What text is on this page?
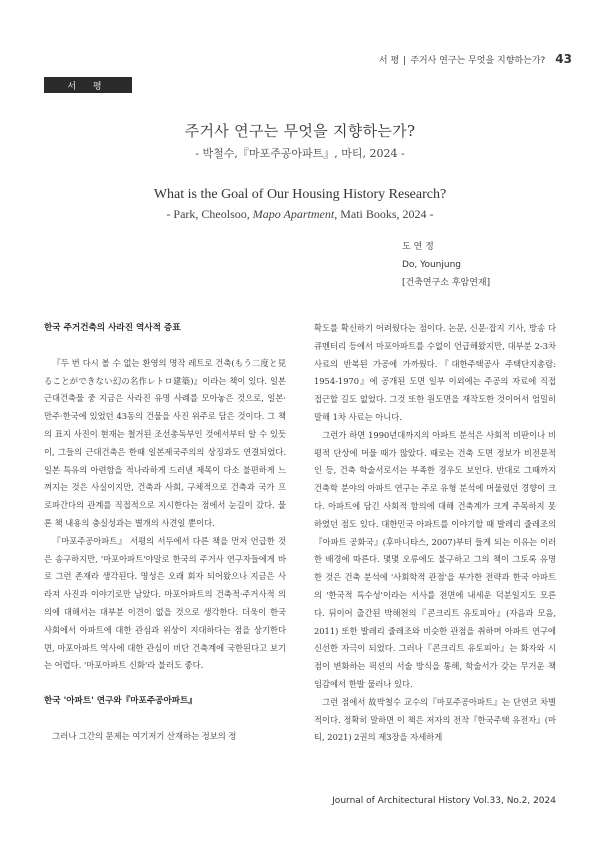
서 평 | 주거사 연구는 무엇을 지향하는가? 43
서 평

주거사 연구는 무엇을 지향하는가?

- 박철수,『마포주공아파트』, 마티, 2024 -

What is the Goal of Our Housing History Research?

- Park, Cheolsoo, Mapo Apartment, Mati Books, 2024 -

도 연 정
Do, Younjung
[건축연구소 후암연재]
한국 주거건축의 사라진 역사적 증표

『두 번 다시 볼 수 없는 환영의 명작 레트로 건축(もう二度と見ることができない幻の名作レトロ建築)』이라는 책이 있다. 일본 근대건축물 중 지금은 사라진 유명 사례를 모아놓은 것으로, 일본·만주·한국에 있었던 43동의 건물을 사진 위주로 담은 것이다. 그 책의 표지 사진이 현재는 철거된 조선총독부인 것에서부터 알 수 있듯이, 그들의 근대건축은 한때 일본제국주의의 상징과도 연결되었다. 일본 특유의 아련함을 적나라하게 드러낸 제목이 다소 불편하게 느껴지는 것은 사실이지만, 건축과 사회, 구체적으로 건축과 국가 프로파간다의 관계를 직접적으로 지시한다는 점에서 눈길이 갔다. 물론 책 내용의 충실성과는 별개의 사견일 뿐이다.

『마포주공아파트』 서평의 서두에서 다른 책을 먼저 언급한 것은 송구하지만, '마포아파트'야말로 한국의 주거사 연구자들에게 바로 그런 존재라 생각된다. 명성은 오래 회자 되어왔으나 지금은 사라져 사진과 이야기로만 남았다. 마포아파트의 건축적·주거사적 의의에 대해서는 대부분 이견이 없을 것으로 생각한다. 더욱이 한국 사회에서 아파트에 대한 관심과 위상이 지대하다는 점을 상기한다면, 마포아파트 역사에 대한 관심이 비단 건축계에 국한된다고 보기는 어렵다. '마포아파트 신화'라 불러도 좋다.

한국 '아파트' 연구와『마포주공아파트』

그러나 그간의 문제는 여기저기 산재하는 정보의 정

확도를 확신하기 어려웠다는 점이다. 논문, 신문·잡지 기사, 방송 다큐멘터리 등에서 마포아파트를 수없이 언급해왔지만, 대부분 2-3차 사료의 반복된 가공에 가까웠다.『대한주택공사 주택단지총람: 1954-1970』에 공개된 도면 일부 이외에는 주공의 자료에 직접 접근할 길도 없었다. 그것 또한 원도면을 재작도한 것이어서 엄밀히 말해 1차 사료는 아니다.

그런가 하면 1990년대까지의 아파트 분석은 사회적 비판이나 비평적 단상에 머물 때가 많았다. 때로는 건축 도면 정보가 비전문적인 등, 건축 학술서로서는 부족한 경우도 보인다. 반대로 그때까지 건축학 분야의 아파트 연구는 주로 유형 분석에 머물렀던 경향이 크다. 아파트에 담긴 사회적 함의에 대해 건축계가 크게 주목하지 못하였던 점도 있다. 대한민국 아파트를 이야기할 때 발레리 줄레조의『아파트 공화국』(후마니타스, 2007)부터 들게 되는 이유는 이러한 배경에 따른다. 몇몇 오류에도 불구하고 그의 책이 그토록 유명한 것은 건축 분석에 '사회학적 관점'을 부가한 전략과 한국 아파트의 '한국적 특수성'이라는 서사를 전면에 내세운 덕분일지도 모른다. 뒤이어 출간된 박해천의『콘크리트 유토피아』(자음과 모음, 2011) 또한 발레리 줄레조와 비슷한 관점을 취하며 아파트 연구에 신선한 자극이 되었다. 그러나『콘크리트 유토피아』는 화자와 시점이 변화하는 픽션의 서술 방식을 통해, 학술서가 갖는 무거운 책임감에서 한발 물러나 있다.

그런 점에서 故박철수 교수의『마포주공아파트』는 단연코 차별적이다. 정확히 말하면 이 책은 저자의 전작『한국주택 유전자』(마티, 2021) 2권의 제3장을 자세하게

Journal of Architectural History Vol.33, No.2, 2024
